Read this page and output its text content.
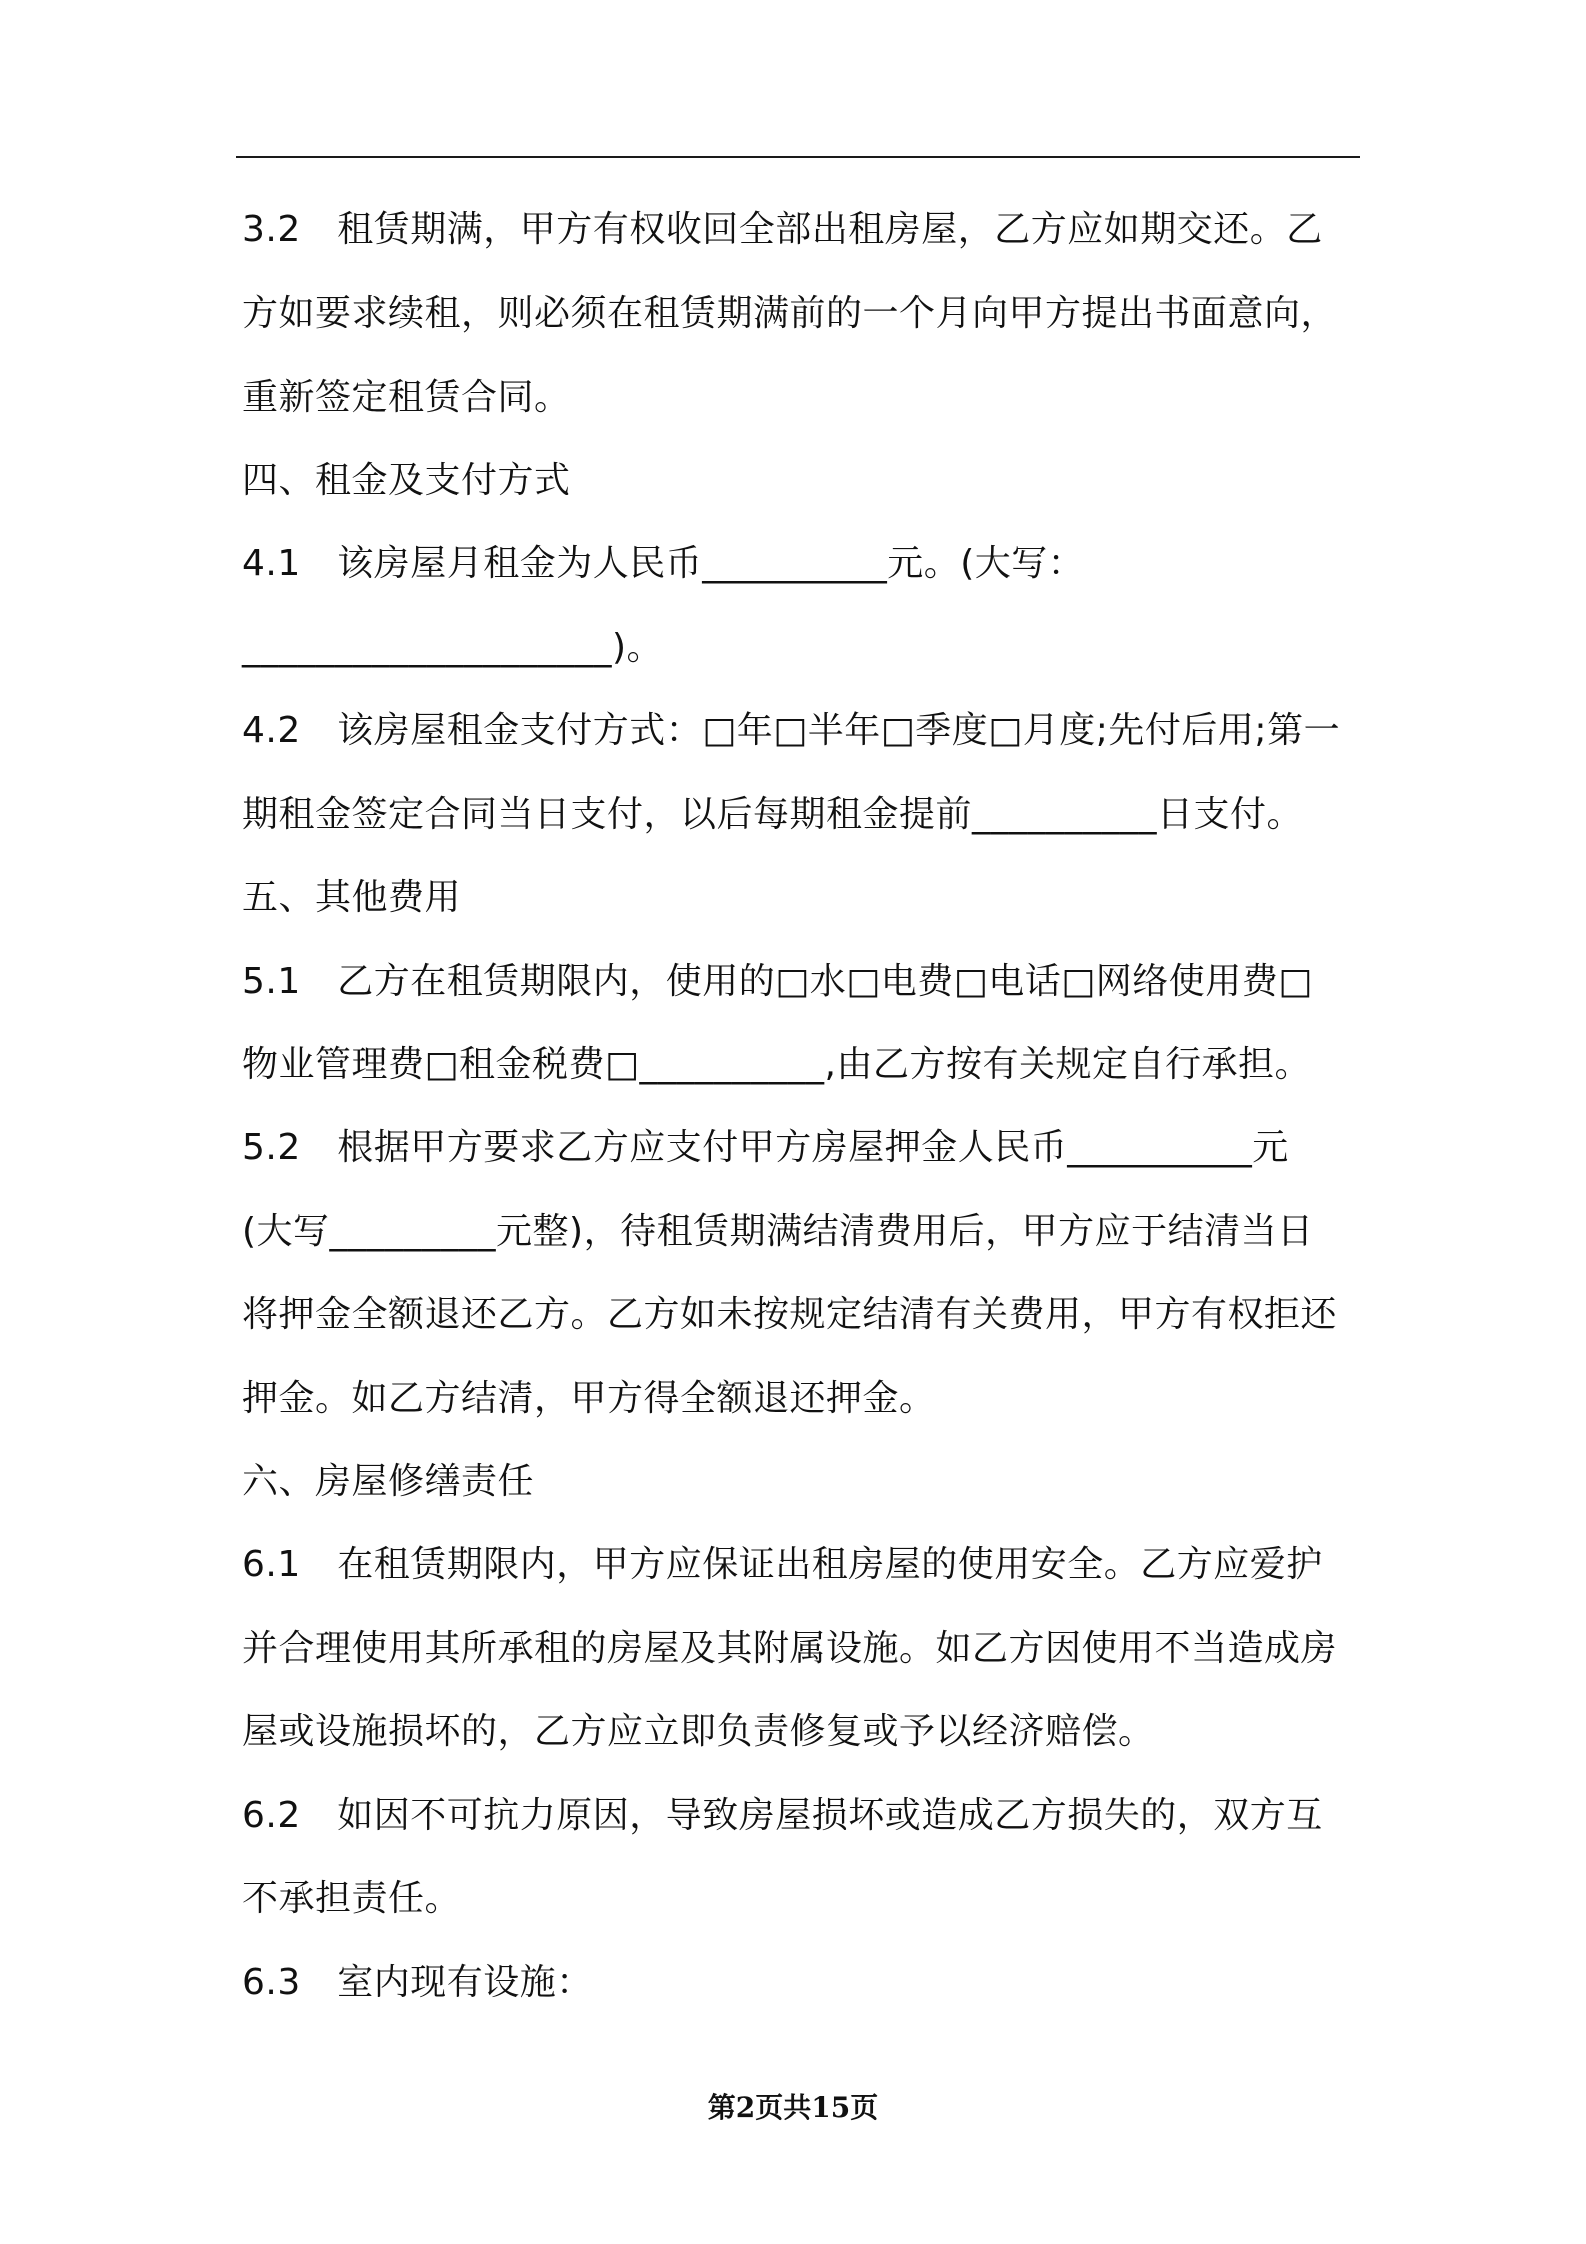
3.2　租赁期满，甲方有权收回全部出租房屋，乙方应如期交还。乙
方如要求续租，则必须在租赁期满前的一个月向甲方提出书面意向，
重新签定租赁合同。
四、租金及支付方式
4.1　该房屋月租金为人民币__________元。(大写：
____________________)。
4.2　该房屋租金支付方式：□年□半年□季度□月度;先付后用;第一
期租金签定合同当日支付，以后每期租金提前__________日支付。
五、其他费用
5.1　乙方在租赁期限内，使用的□水□电费□电话□网络使用费□
物业管理费□租金税费□__________,由乙方按有关规定自行承担。
5.2　根据甲方要求乙方应支付甲方房屋押金人民币__________元
(大写_________元整)，待租赁期满结清费用后，甲方应于结清当日
将押金全额退还乙方。乙方如未按规定结清有关费用，甲方有权拒还
押金。如乙方结清，甲方得全额退还押金。
六、房屋修缮责任
6.1　在租赁期限内，甲方应保证出租房屋的使用安全。乙方应爱护
并合理使用其所承租的房屋及其附属设施。如乙方因使用不当造成房
屋或设施损坏的，乙方应立即负责修复或予以经济赔偿。
6.2　如因不可抗力原因，导致房屋损坏或造成乙方损失的，双方互
不承担责任。
6.3　室内现有设施：
第2页共15页
